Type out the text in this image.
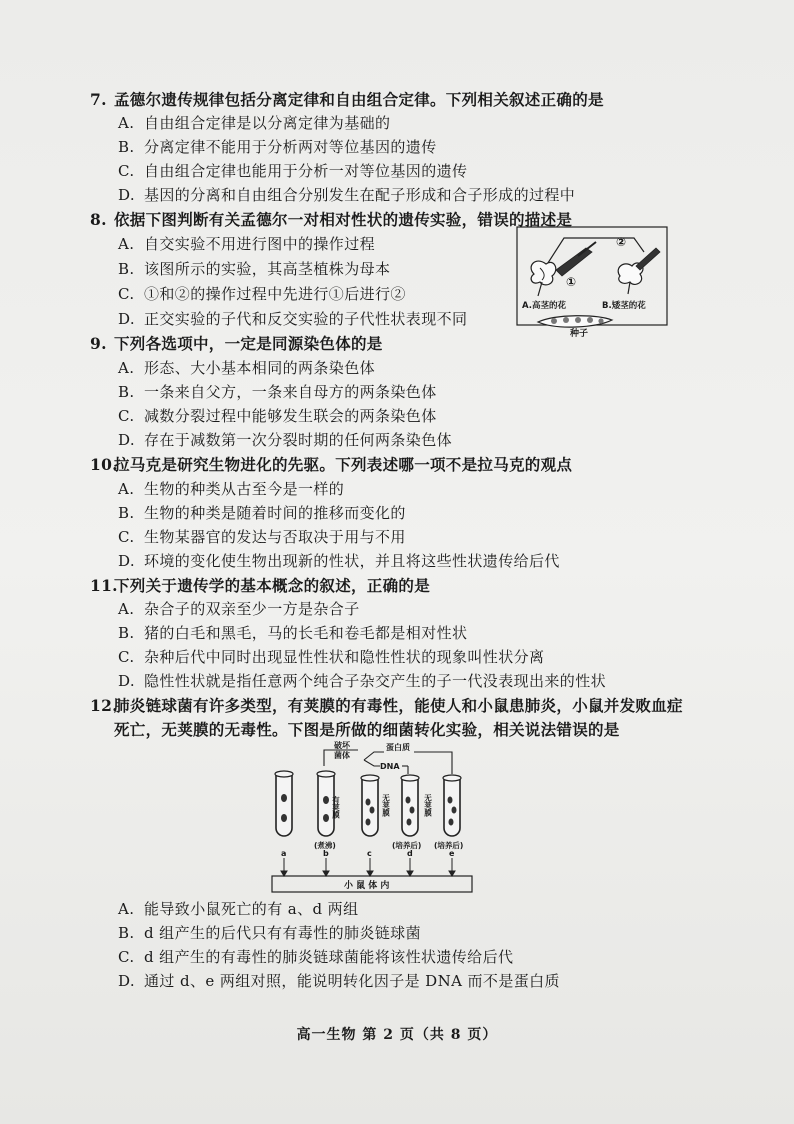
7. 孟德尔遗传规律包括分离定律和自由组合定律。下列相关叙述正确的是
A. 自由组合定律是以分离定律为基础的
B. 分离定律不能用于分析两对等位基因的遗传
C. 自由组合定律也能用于分析一对等位基因的遗传
D. 基因的分离和自由组合分别发生在配子形成和合子形成的过程中
8. 依据下图判断有关孟德尔一对相对性状的遗传实验，错误的描述是
A. 自交实验不用进行图中的操作过程
B. 该图所示的实验，其高茎植株为母本
C. ①和②的操作过程中先进行①后进行②
D. 正交实验的子代和反交实验的子代性状表现不同
①
②
A.高茎的花	B.矮茎的花
种子
9. 下列各选项中，一定是同源染色体的是
A. 形态、大小基本相同的两条染色体
B. 一条来自父方，一条来自母方的两条染色体
C. 减数分裂过程中能够发生联会的两条染色体
D. 存在于减数第一次分裂时期的任何两条染色体
10.拉马克是研究生物进化的先驱。下列表述哪一项不是拉马克的观点
A. 生物的种类从古至今是一样的
B. 生物的种类是随着时间的推移而变化的
C. 生物某器官的发达与否取决于用与不用
D. 环境的变化使生物出现新的性状，并且将这些性状遗传给后代
11.下列关于遗传学的基本概念的叙述，正确的是
A. 杂合子的双亲至少一方是杂合子
B. 猪的白毛和黑毛，马的长毛和卷毛都是相对性状
C. 杂种后代中同时出现显性性状和隐性性状的现象叫性状分离
D. 隐性性状就是指任意两个纯合子杂交产生的子一代没表现出来的性状
12.肺炎链球菌有许多类型，有荚膜的有毒性，能使人和小鼠患肺炎，小鼠并发败血症
死亡，无荚膜的无毒性。下图是所做的细菌转化实验，相关说法错误的是
破坏
菌体
DNA
蛋白质
有荚膜	无荚膜	无荚膜
(煮沸)	(培养后) (培养后)
a	b	c	d	e
小 鼠 体 内
A. 能导致小鼠死亡的有 a、d 两组
B. d 组产生的后代只有有毒性的肺炎链球菌
C. d 组产生的有毒性的肺炎链球菌能将该性状遗传给后代
D. 通过 d、e 两组对照，能说明转化因子是 DNA 而不是蛋白质
高一生物 第 2 页（共 8 页）
